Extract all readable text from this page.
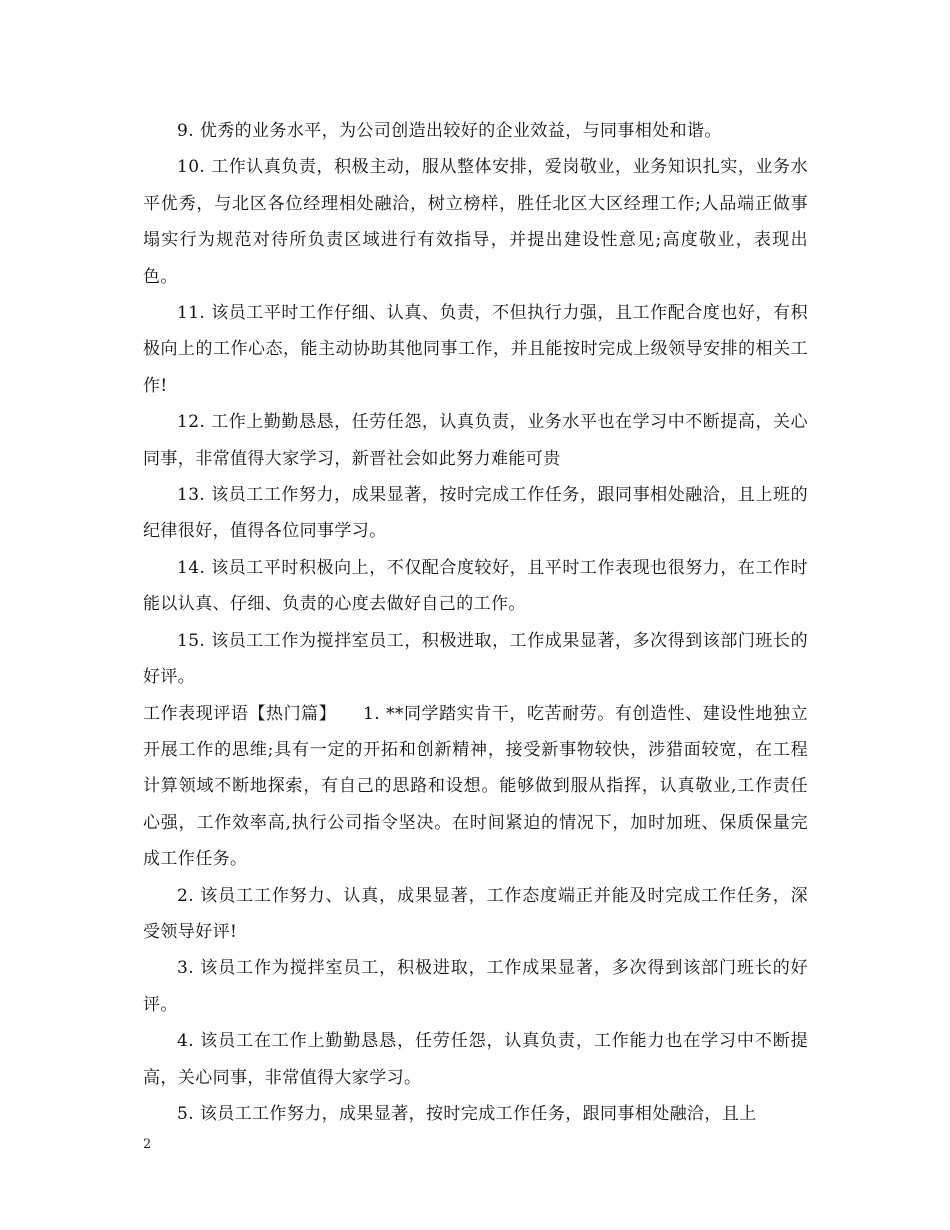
9. 优秀的业务水平，为公司创造出较好的企业效益，与同事相处和谐。

10. 工作认真负责，积极主动，服从整体安排，爱岗敬业，业务知识扎实，业务水平优秀，与北区各位经理相处融洽，树立榜样，胜任北区大区经理工作;人品端正做事塌实行为规范对待所负责区域进行有效指导，并提出建设性意见;高度敬业，表现出色。

11. 该员工平时工作仔细、认真、负责，不但执行力强，且工作配合度也好，有积极向上的工作心态，能主动协助其他同事工作，并且能按时完成上级领导安排的相关工作!

12. 工作上勤勤恳恳，任劳任怨，认真负责，业务水平也在学习中不断提高，关心同事，非常值得大家学习，新晋社会如此努力难能可贵

13. 该员工工作努力，成果显著，按时完成工作任务，跟同事相处融洽，且上班的纪律很好，值得各位同事学习。

14. 该员工平时积极向上，不仅配合度较好，且平时工作表现也很努力，在工作时能以认真、仔细、负责的心度去做好自己的工作。

15. 该员工工作为搅拌室员工，积极进取，工作成果显著，多次得到该部门班长的好评。

工作表现评语【热门篇】　　1. **同学踏实肯干，吃苦耐劳。有创造性、建设性地独立开展工作的思维;具有一定的开拓和创新精神，接受新事物较快，涉猎面较宽，在工程计算领域不断地探索，有自己的思路和设想。能够做到服从指挥，认真敬业,工作责任心强，工作效率高,执行公司指令坚决。在时间紧迫的情况下，加时加班、保质保量完成工作任务。

2. 该员工工作努力、认真，成果显著，工作态度端正并能及时完成工作任务，深受领导好评!

3. 该员工作为搅拌室员工，积极进取，工作成果显著，多次得到该部门班长的好评。

4. 该员工在工作上勤勤恳恳，任劳任怨，认真负责，工作能力也在学习中不断提高，关心同事，非常值得大家学习。

5. 该员工工作努力，成果显著，按时完成工作任务，跟同事相处融洽，且上

2
